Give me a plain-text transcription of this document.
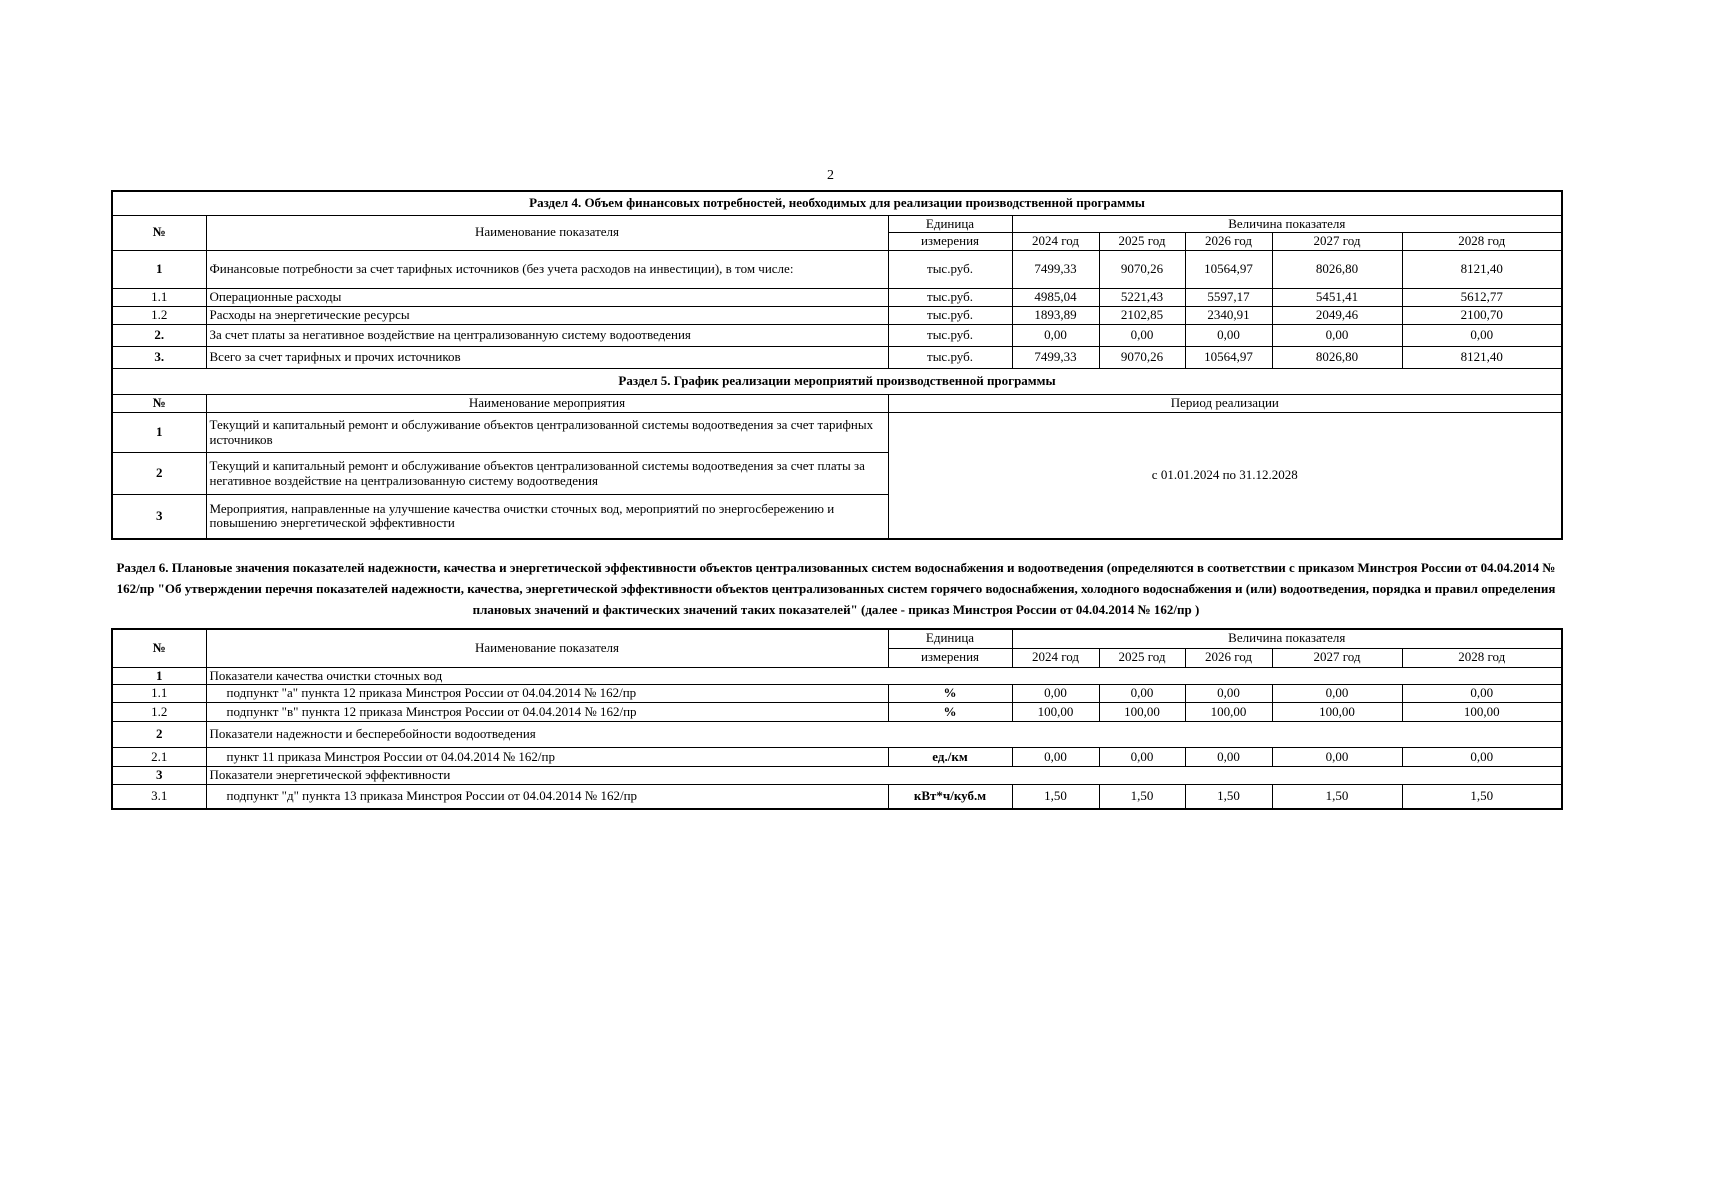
2
Раздел 4. Объем финансовых потребностей, необходимых для реализации производственной программы							
№	Наименование показателя	Единица	Величина показателя				
		измерения	2024 год	2025 год	2026 год	2027 год	2028 год
1	Финансовые потребности за счет тарифных источников (без учета расходов на инвестиции), в том числе:	тыс.руб.	7499,33	9070,26	10564,97	8026,80	8121,40
1.1	Операционные расходы	тыс.руб.	4985,04	5221,43	5597,17	5451,41	5612,77
1.2	Расходы на энергетические ресурсы	тыс.руб.	1893,89	2102,85	2340,91	2049,46	2100,70
2.	За счет платы за негативное воздействие на централизованную систему водоотведения	тыс.руб.	0,00	0,00	0,00	0,00	0,00
3.	Всего за счет тарифных и прочих источников	тыс.руб.	7499,33	9070,26	10564,97	8026,80	8121,40
Раздел 5. График реализации мероприятий производственной программы							
№	Наименование мероприятия	Период реализации					
1	Текущий и капитальный ремонт и обслуживание объектов централизованной системы водоотведения за счет тарифных источников	с 01.01.2024 по 31.12.2028					
2	Текущий и капитальный ремонт и обслуживание объектов централизованной системы водоотведения за счет платы за негативное воздействие на централизованную систему водоотведения						
3	Мероприятия, направленные на улучшение качества очистки сточных вод, мероприятий по энергосбережению и повышению энергетической эффективности						
Раздел 6. Плановые значения показателей надежности, качества и энергетической эффективности объектов централизованных систем водоснабжения и водоотведения (определяются в соответствии с приказом Минстроя России от 04.04.2014 № 162/пр "Об утверждении перечня показателей надежности, качества, энергетической эффективности объектов централизованных систем горячего водоснабжения, холодного водоснабжения и (или) водоотведения, порядка и правил определения плановых значений и фактических значений таких показателей" (далее - приказ Минстроя России от 04.04.2014 № 162/пр )
№	Наименование показателя	Единица	Величина показателя				
		измерения	2024 год	2025 год	2026 год	2027 год	2028 год
1	Показатели качества очистки сточных вод						
1.1	подпункт "а" пункта 12 приказа Минстроя России от 04.04.2014 № 162/пр	%	0,00	0,00	0,00	0,00	0,00
1.2	подпункт "в" пункта 12 приказа Минстроя России от 04.04.2014 № 162/пр	%	100,00	100,00	100,00	100,00	100,00
2	Показатели надежности и бесперебойности водоотведения						
2.1	пункт 11 приказа Минстроя России от 04.04.2014 № 162/пр	ед./км	0,00	0,00	0,00	0,00	0,00
3	Показатели энергетической эффективности						
3.1	подпункт "д" пункта 13 приказа Минстроя России от 04.04.2014 № 162/пр	кВт*ч/куб.м	1,50	1,50	1,50	1,50	1,50
